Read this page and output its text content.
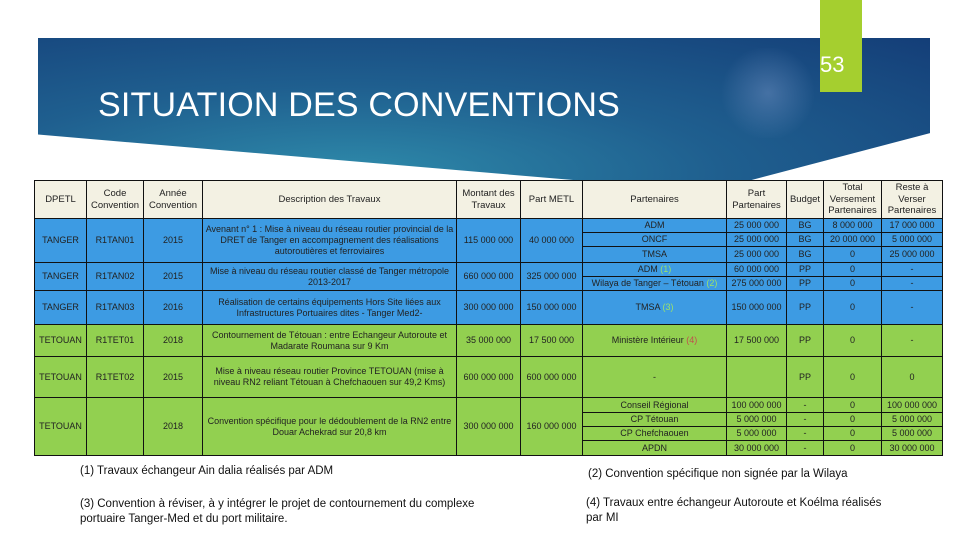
53
SITUATION DES CONVENTIONS
DPETL	Code Convention	Année Convention	Description des Travaux	Montant des Travaux	Part METL	Partenaires	Part Partenaires	Budget	Total Versement Partenaires	Reste à Verser Partenaires
TANGER	R1TAN01	2015	Avenant n° 1 : Mise à niveau du réseau routier provincial de la DRET de Tanger en accompagnement des réalisations autoroutières et ferroviaires	115 000 000	40 000 000	ADM	25 000 000	BG	8 000 000	17 000 000
						ONCF	25 000 000	BG	20 000 000	5 000 000
						TMSA	25 000 000	BG	0	25 000 000
TANGER	R1TAN02	2015	Mise à niveau du réseau routier classé de Tanger métropole 2013-2017	660 000 000	325 000 000	ADM (1)	60 000 000	PP	0	-
						Wilaya de Tanger – Tétouan (2)	275 000 000	PP	0	-
TANGER	R1TAN03	2016	Réalisation de certains équipements Hors Site liées aux Infrastructures Portuaires dites - Tanger Med2-	300 000 000	150 000 000	TMSA (3)	150 000 000	PP	0	-
TETOUAN	R1TET01	2018	Contournement de Tétouan : entre Echangeur Autoroute et Madarate Roumana sur 9 Km	35 000 000	17 500 000	Ministère Intérieur (4)	17 500 000	PP	0	-
TETOUAN	R1TET02	2015	Mise à niveau réseau routier Province TETOUAN (mise à niveau RN2 reliant Tétouan à Chefchaouen sur 49,2 Kms)	600 000 000	600 000 000	-		PP	0	0
TETOUAN		2018	Convention spécifique pour le dédoublement de la RN2 entre Douar Achekrad sur 20,8 km	300 000 000	160 000 000	Conseil Régional	100 000 000	-	0	100 000 000
						CP Tétouan	5 000 000	-	0	5 000 000
						CP Chefchaouen	5 000 000	-	0	5 000 000
						APDN	30 000 000	-	0	30 000 000
(1) Travaux échangeur Ain dalia réalisés par ADM	(2) Convention spécifique non signée par la Wilaya
(3) Convention à réviser, à y intégrer le projet de contournement du complexe portuaire Tanger-Med et du port militaire.
(4) Travaux entre échangeur Autoroute et Koélma réalisés par MI
